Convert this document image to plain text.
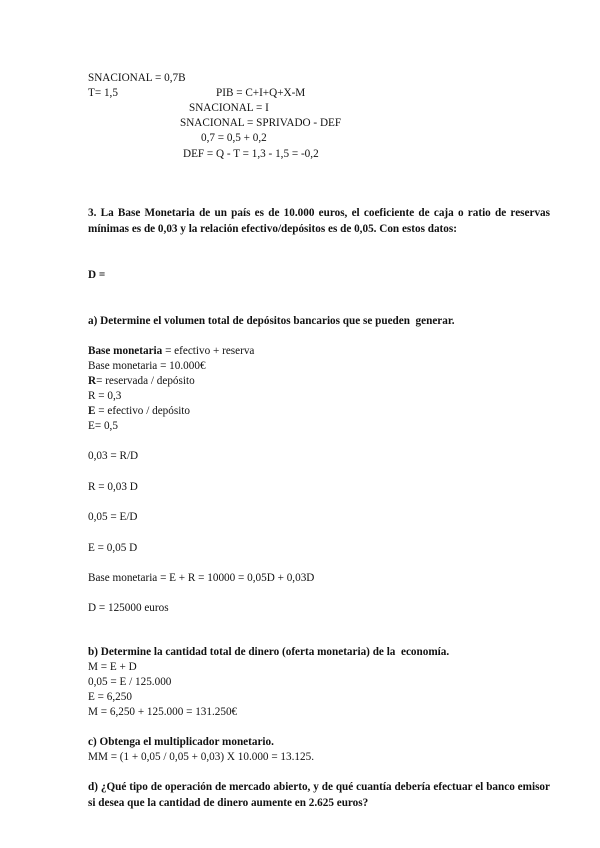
SNACIONAL = 0,7B
T= 1,5	PIB = C+I+Q+X-M
SNACIONAL = I
SNACIONAL = SPRIVADO - DEF
0,7 = 0,5 + 0,2
DEF = Q - T = 1,3 - 1,5 = -0,2
3. La Base Monetaria de un país es de 10.000 euros, el coeficiente de caja o ratio de reservas mínimas es de 0,03 y la relación efectivo/depósitos es de 0,05. Con estos datos:
D =
a) Determine el volumen total de depósitos bancarios que se pueden  generar.
Base monetaria = efectivo + reserva
Base monetaria = 10.000€
R= reservada / depósito
R = 0,3
E = efectivo / depósito
E= 0,5
0,03 = R/D
R = 0,03 D
0,05 = E/D
E = 0,05 D
Base monetaria = E + R = 10000 = 0,05D + 0,03D
D = 125000 euros
b) Determine la cantidad total de dinero (oferta monetaria) de la  economía.
M = E + D
0,05 = E / 125.000
E = 6,250
M = 6,250 + 125.000 = 131.250€
c) Obtenga el multiplicador monetario.
MM = (1 + 0,05 / 0,05 + 0,03) X 10.000 = 13.125.
d) ¿Qué tipo de operación de mercado abierto, y de qué cuantía debería efectuar el banco emisor si desea que la cantidad de dinero aumente en 2.625 euros?
